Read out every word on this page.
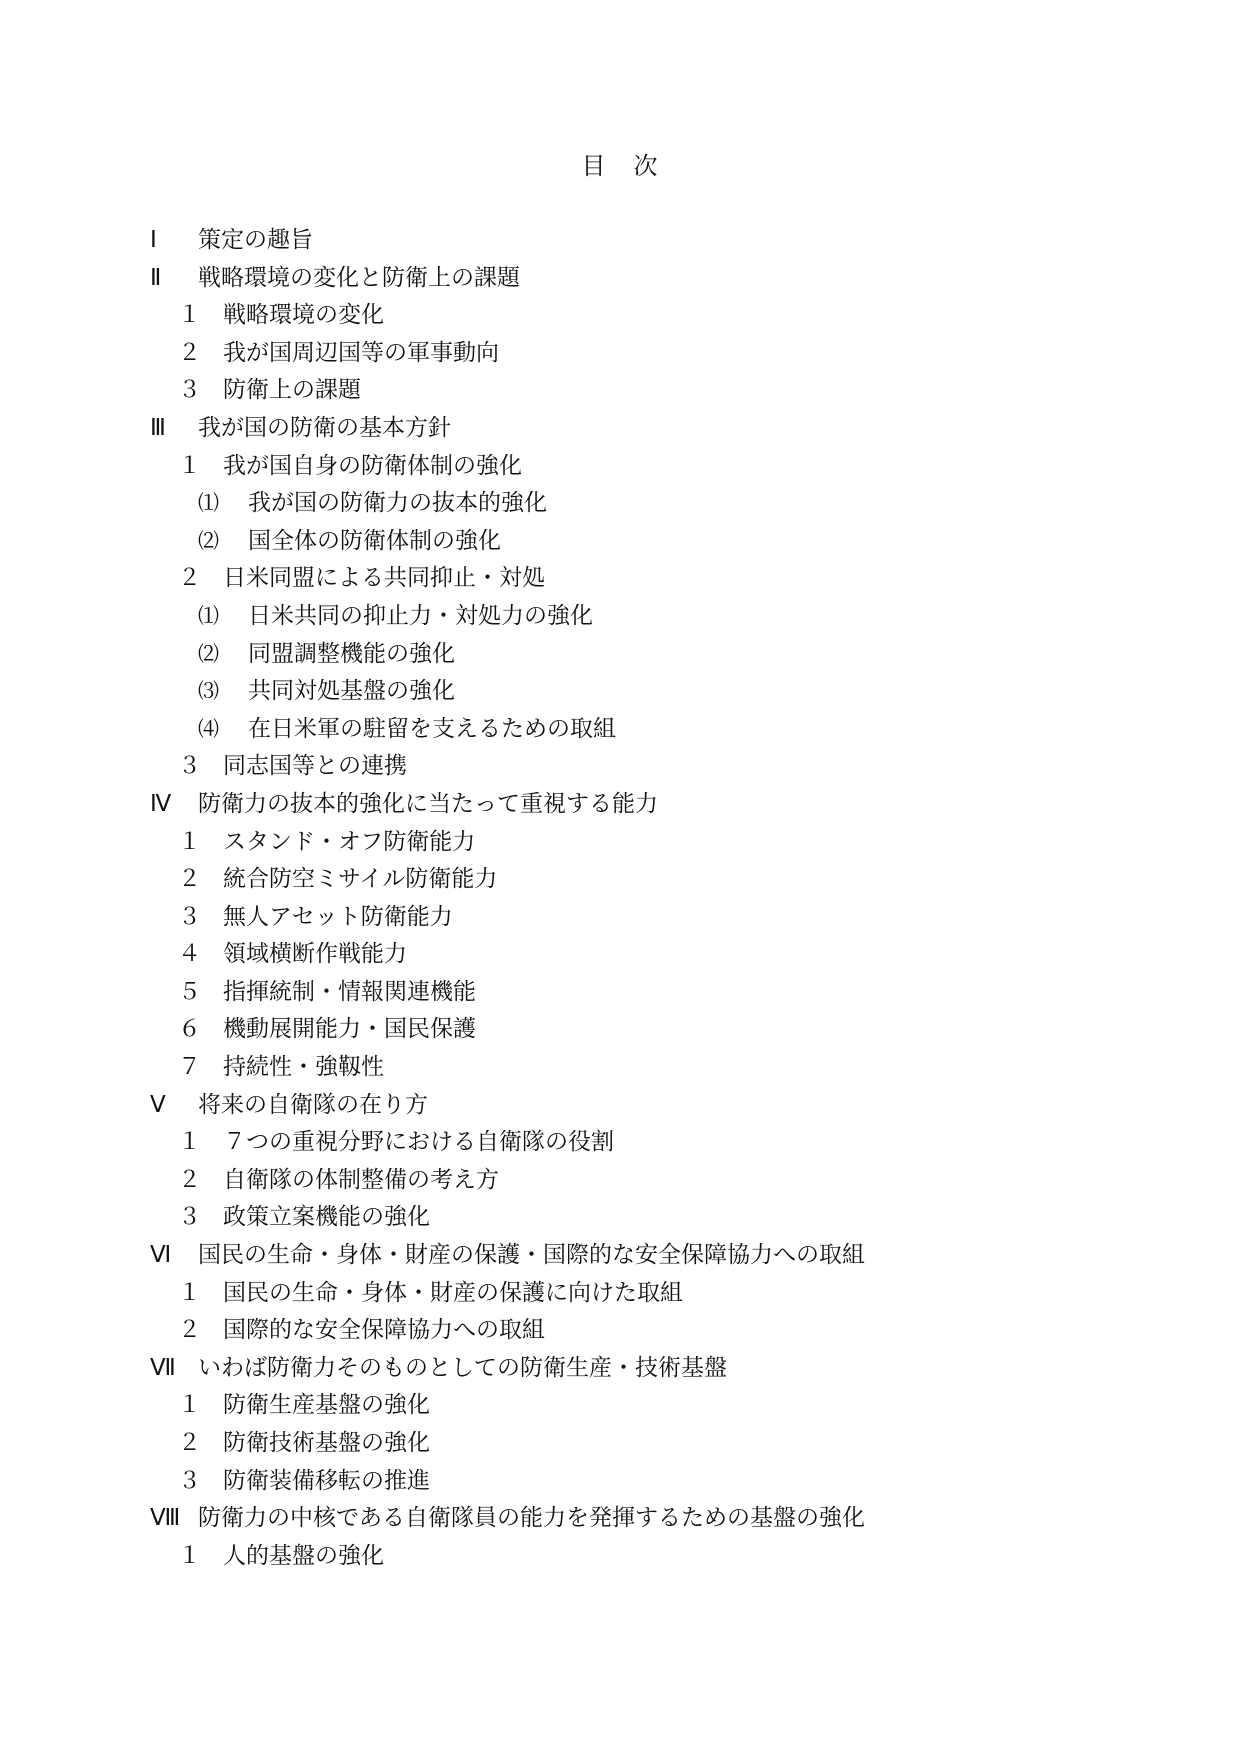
目　次
Ⅰ 策定の趣旨
Ⅱ 戦略環境の変化と防衛上の課題
１ 戦略環境の変化
２ 我が国周辺国等の軍事動向
３ 防衛上の課題
Ⅲ 我が国の防衛の基本方針
１ 我が国自身の防衛体制の強化
⑴ 我が国の防衛力の抜本的強化
⑵ 国全体の防衛体制の強化
２ 日米同盟による共同抑止・対処
⑴ 日米共同の抑止力・対処力の強化
⑵ 同盟調整機能の強化
⑶ 共同対処基盤の強化
⑷ 在日米軍の駐留を支えるための取組
３ 同志国等との連携
Ⅳ 防衛力の抜本的強化に当たって重視する能力
１ スタンド・オフ防衛能力
２ 統合防空ミサイル防衛能力
３ 無人アセット防衛能力
４ 領域横断作戦能力
５ 指揮統制・情報関連機能
６ 機動展開能力・国民保護
７ 持続性・強靱性
Ⅴ 将来の自衛隊の在り方
１ ７つの重視分野における自衛隊の役割
２ 自衛隊の体制整備の考え方
３ 政策立案機能の強化
Ⅵ 国民の生命・身体・財産の保護・国際的な安全保障協力への取組
１ 国民の生命・身体・財産の保護に向けた取組
２ 国際的な安全保障協力への取組
Ⅶ いわば防衛力そのものとしての防衛生産・技術基盤
１ 防衛生産基盤の強化
２ 防衛技術基盤の強化
３ 防衛装備移転の推進
Ⅷ 防衛力の中核である自衛隊員の能力を発揮するための基盤の強化
１ 人的基盤の強化
